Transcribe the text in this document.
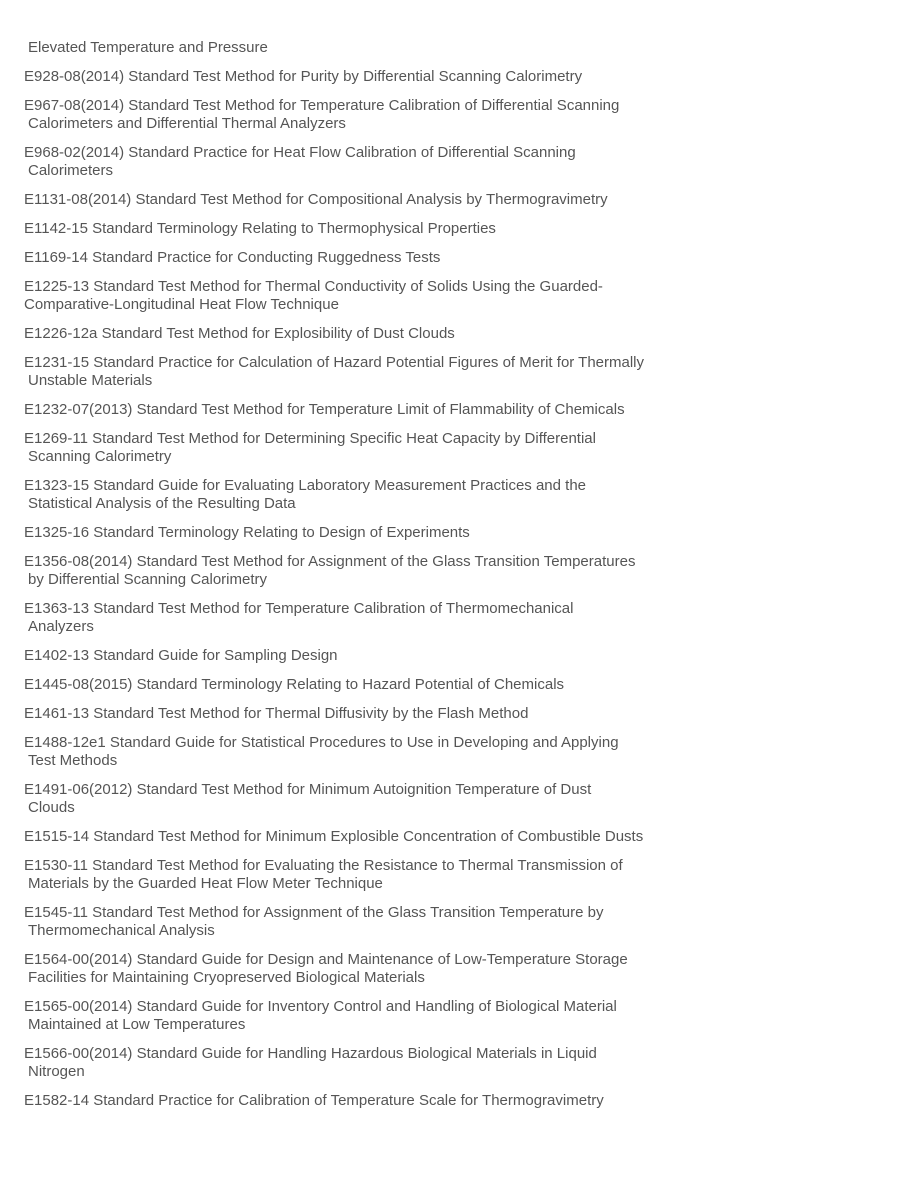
Elevated Temperature and Pressure
E928-08(2014) Standard Test Method for Purity by Differential Scanning Calorimetry
E967-08(2014) Standard Test Method for Temperature Calibration of Differential Scanning
Calorimeters and Differential Thermal Analyzers
E968-02(2014) Standard Practice for Heat Flow Calibration of Differential Scanning
Calorimeters
E1131-08(2014) Standard Test Method for Compositional Analysis by Thermogravimetry
E1142-15 Standard Terminology Relating to Thermophysical Properties
E1169-14 Standard Practice for Conducting Ruggedness Tests
E1225-13 Standard Test Method for Thermal Conductivity of Solids Using the Guarded-
Comparative-Longitudinal Heat Flow Technique
E1226-12a Standard Test Method for Explosibility of Dust Clouds
E1231-15 Standard Practice for Calculation of Hazard Potential Figures of Merit for Thermally
Unstable Materials
E1232-07(2013) Standard Test Method for Temperature Limit of Flammability of Chemicals
E1269-11 Standard Test Method for Determining Specific Heat Capacity by Differential
Scanning Calorimetry
E1323-15 Standard Guide for Evaluating Laboratory Measurement Practices and the
Statistical Analysis of the Resulting Data
E1325-16 Standard Terminology Relating to Design of Experiments
E1356-08(2014) Standard Test Method for Assignment of the Glass Transition Temperatures
by Differential Scanning Calorimetry
E1363-13 Standard Test Method for Temperature Calibration of Thermomechanical
Analyzers
E1402-13 Standard Guide for Sampling Design
E1445-08(2015) Standard Terminology Relating to Hazard Potential of Chemicals
E1461-13 Standard Test Method for Thermal Diffusivity by the Flash Method
E1488-12e1 Standard Guide for Statistical Procedures to Use in Developing and Applying
Test Methods
E1491-06(2012) Standard Test Method for Minimum Autoignition Temperature of Dust
Clouds
E1515-14 Standard Test Method for Minimum Explosible Concentration of Combustible Dusts
E1530-11 Standard Test Method for Evaluating the Resistance to Thermal Transmission of
Materials by the Guarded Heat Flow Meter Technique
E1545-11 Standard Test Method for Assignment of the Glass Transition Temperature by
Thermomechanical Analysis
E1564-00(2014) Standard Guide for Design and Maintenance of Low-Temperature Storage
Facilities for Maintaining Cryopreserved Biological Materials
E1565-00(2014) Standard Guide for Inventory Control and Handling of Biological Material
Maintained at Low Temperatures
E1566-00(2014) Standard Guide for Handling Hazardous Biological Materials in Liquid
Nitrogen
E1582-14 Standard Practice for Calibration of Temperature Scale for Thermogravimetry
